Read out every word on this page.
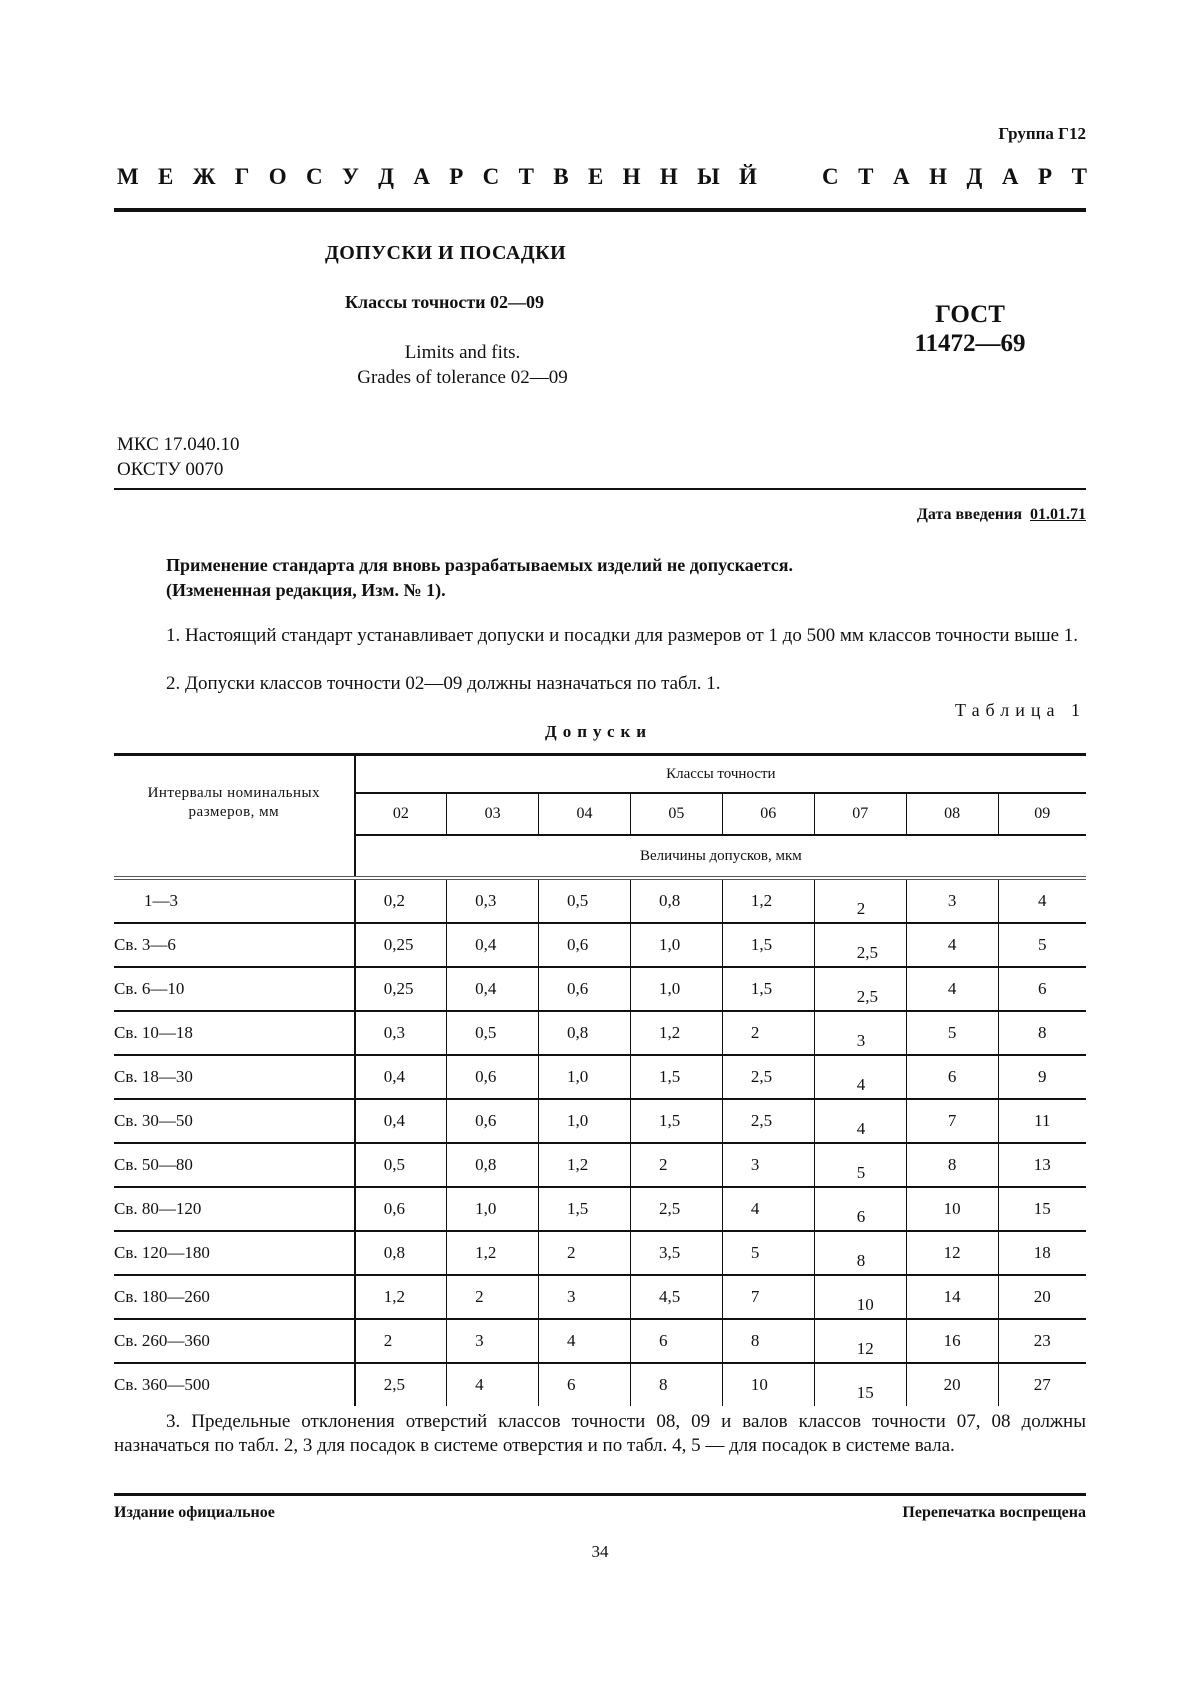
Группа Г12
М Е Ж Г О С У Д А Р С Т В Е Н Н Ы Й	С Т А Н Д А Р Т
ДОПУСКИ И ПОСАДКИ
Классы точности 02—09
Limits and fits.
Grades of tolerance 02—09
ГОСТ
11472—69
МКС 17.040.10
ОКСТУ 0070
Дата введения 01.01.71
Применение стандарта для вновь разрабатываемых изделий не допускается.
(Измененная редакция, Изм. № 1).
1. Настоящий стандарт устанавливает допуски и посадки для размеров от 1 до 500 мм классов точности выше 1.
2. Допуски классов точности 02—09 должны назначаться по табл. 1.
Таблица 1
Допуски
Интервалы номинальных размеров, мм	Классы точности							
	02	03	04	05	06	07	08	09
	Величины допусков, мкм							
1—3	0,2	0,3	0,5	0,8	1,2	2	3	4
Св. 3—6	0,25	0,4	0,6	1,0	1,5	2,5	4	5
Св. 6—10	0,25	0,4	0,6	1,0	1,5	2,5	4	6
Св. 10—18	0,3	0,5	0,8	1,2	2	3	5	8
Св. 18—30	0,4	0,6	1,0	1,5	2,5	4	6	9
Св. 30—50	0,4	0,6	1,0	1,5	2,5	4	7	11
Св. 50—80	0,5	0,8	1,2	2	3	5	8	13
Св. 80—120	0,6	1,0	1,5	2,5	4	6	10	15
Св. 120—180	0,8	1,2	2	3,5	5	8	12	18
Св. 180—260	1,2	2	3	4,5	7	10	14	20
Св. 260—360	2	3	4	6	8	12	16	23
Св. 360—500	2,5	4	6	8	10	15	20	27
3. Предельные отклонения отверстий классов точности 08, 09 и валов классов точности 07, 08 должны назначаться по табл. 2, 3 для посадок в системе отверстия и по табл. 4, 5 — для посадок в системе вала.
Издание официальное	Перепечатка воспрещена
34
